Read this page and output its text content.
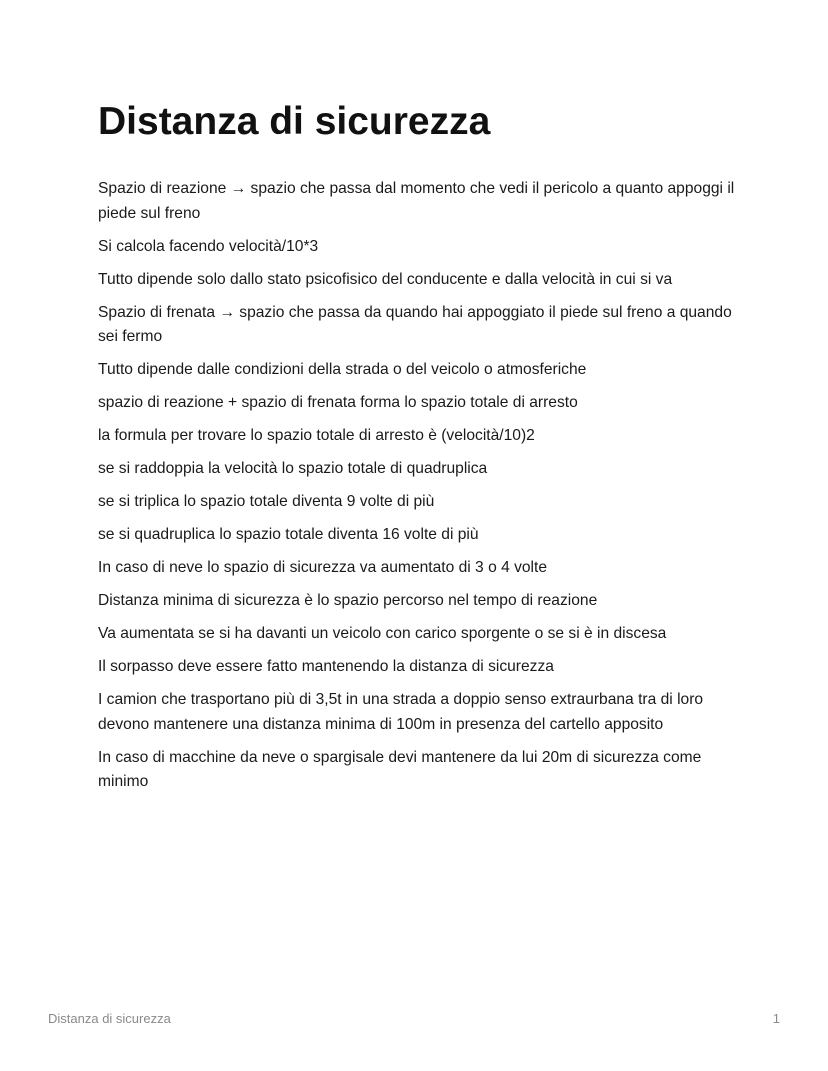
Distanza di sicurezza

Spazio di reazione → spazio che passa dal momento che vedi il pericolo a quanto appoggi il piede sul freno

Si calcola facendo velocità/10*3

Tutto dipende solo dallo stato psicofisico del conducente e dalla velocità in cui si va

Spazio di frenata → spazio che passa da quando hai appoggiato il piede sul freno a quando sei fermo

Tutto dipende dalle condizioni della strada o del veicolo o atmosferiche

spazio di reazione + spazio di frenata forma lo spazio totale di arresto

la formula per trovare lo spazio totale di arresto è (velocità/10)2

se si raddoppia la velocità lo spazio totale di quadruplica

se si triplica lo spazio totale diventa 9 volte di più

se si quadruplica lo spazio totale diventa 16 volte di più

In caso di neve lo spazio di sicurezza va aumentato di 3 o 4 volte

Distanza minima di sicurezza è lo spazio percorso nel tempo di reazione

Va aumentata se si ha davanti un veicolo con carico sporgente o se si è in discesa

Il sorpasso deve essere fatto mantenendo la distanza di sicurezza

I camion che trasportano più di 3,5t in una strada a doppio senso extraurbana tra di loro devono mantenere una distanza minima di 100m in presenza del cartello apposito

In caso di macchine da neve o spargisale devi mantenere da lui 20m di sicurezza come minimo

Distanza di sicurezza	1
